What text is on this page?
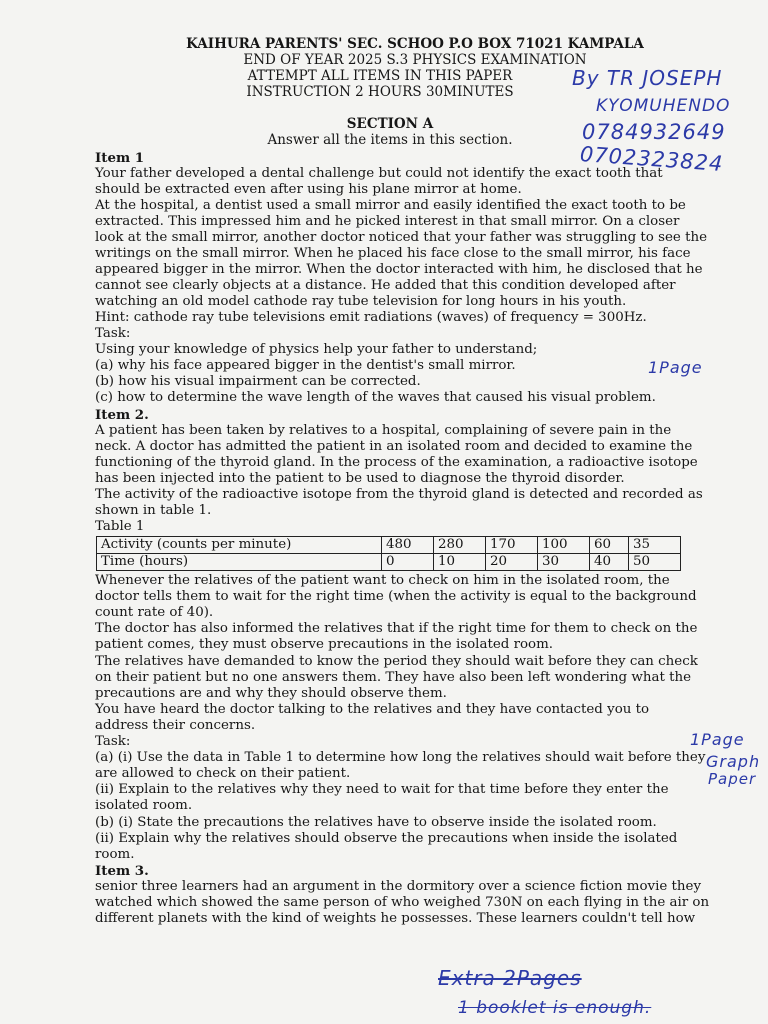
KAIHURA PARENTS' SEC. SCHOO P.O BOX 71021 KAMPALA
END OF YEAR 2025 S.3 PHYSICS EXAMINATION
ATTEMPT ALL ITEMS IN THIS PAPER
INSTRUCTION 2 HOURS 30MINUTES
SECTION A
Answer all the items in this section.
By TR JOSEPH
KYOMUHENDO
0784932649
0702323824
1Page
1Page
Graph
Paper
Extra 2Pages
1 booklet is enough.
Item 1
Your father developed a dental challenge but could not identify the exact tooth that
should be extracted even after using his plane mirror at home.
At the hospital, a dentist used a small mirror and easily identified the exact tooth to be
extracted. This impressed him and he picked interest in that small mirror. On a closer
look at the small mirror, another doctor noticed that your father was struggling to see the
writings on the small mirror. When he placed his face close to the small mirror, his face
appeared bigger in the mirror. When the doctor interacted with him, he disclosed that he
cannot see clearly objects at a distance. He added that this condition developed after
watching an old model cathode ray tube television for long hours in his youth.
Hint: cathode ray tube televisions emit radiations (waves) of frequency = 300Hz.
Task:
Using your knowledge of physics help your father to understand;
(a) why his face appeared bigger in the dentist's small mirror.
(b) how his visual impairment can be corrected.
(c) how to determine the wave length of the waves that caused his visual problem.
Item 2.
A patient has been taken by relatives to a hospital, complaining of severe pain in the
neck. A doctor has admitted the patient in an isolated room and decided to examine the
functioning of the thyroid gland. In the process of the examination, a radioactive isotope
has been injected into the patient to be used to diagnose the thyroid disorder.
The activity of the radioactive isotope from the thyroid gland is detected and recorded as
shown in table 1.
Table 1
Activity (counts per minute)	480	280	170	100	60	35
Time (hours)	0	10	20	30	40	50
Whenever the relatives of the patient want to check on him in the isolated room, the
doctor tells them to wait for the right time (when the activity is equal to the background
count rate of 40).
The doctor has also informed the relatives that if the right time for them to check on the
patient comes, they must observe precautions in the isolated room.
The relatives have demanded to know the period they should wait before they can check
on their patient but no one answers them. They have also been left wondering what the
precautions are and why they should observe them.
You have heard the doctor talking to the relatives and they have contacted you to
address their concerns.
Task:
(a) (i) Use the data in Table 1 to determine how long the relatives should wait before they
are allowed to check on their patient.
(ii) Explain to the relatives why they need to wait for that time before they enter the
isolated room.
(b) (i) State the precautions the relatives have to observe inside the isolated room.
(ii) Explain why the relatives should observe the precautions when inside the isolated
room.
Item 3.
senior three learners had an argument in the dormitory over a science fiction movie they
watched which showed the same person of who weighed 730N on each flying in the air on
different planets with the kind of weights he possesses. These learners couldn't tell how
